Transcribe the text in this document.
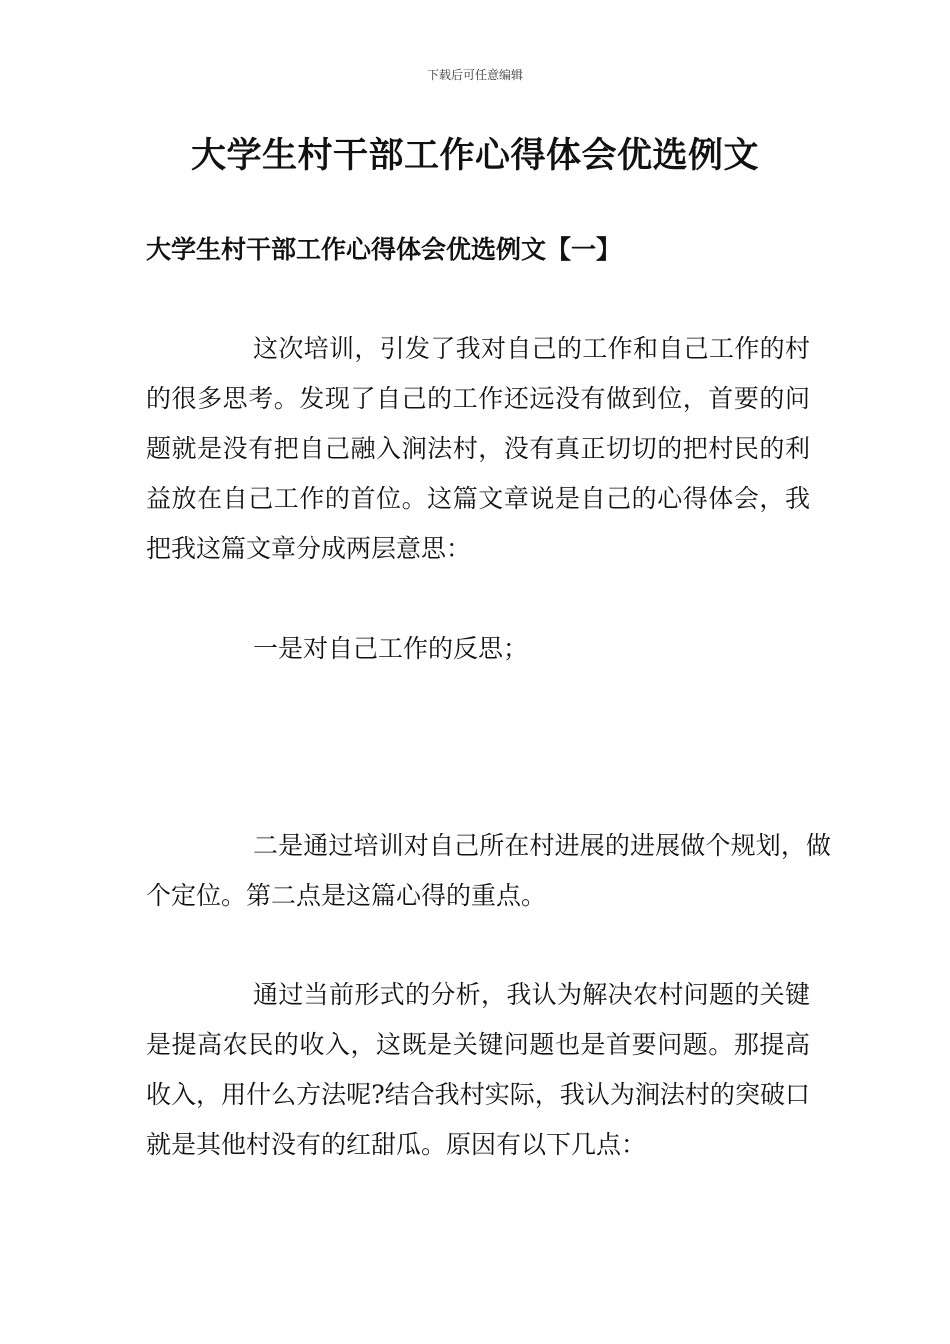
下载后可任意编辑
大学生村干部工作心得体会优选例文
大学生村干部工作心得体会优选例文【一】

这次培训，引发了我对自己的工作和自己工作的村的很多思考。发现了自己的工作还远没有做到位，首要的问题就是没有把自己融入涧法村，没有真正切切的把村民的利益放在自己工作的首位。这篇文章说是自己的心得体会，我把我这篇文章分成两层意思：

一是对自己工作的反思；

二是通过培训对自己所在村进展的进展做个规划，做个定位。第二点是这篇心得的重点。

通过当前形式的分析，我认为解决农村问题的关键是提高农民的收入，这既是关键问题也是首要问题。那提高收入，用什么方法呢?结合我村实际，我认为涧法村的突破口就是其他村没有的红甜瓜。原因有以下几点：
